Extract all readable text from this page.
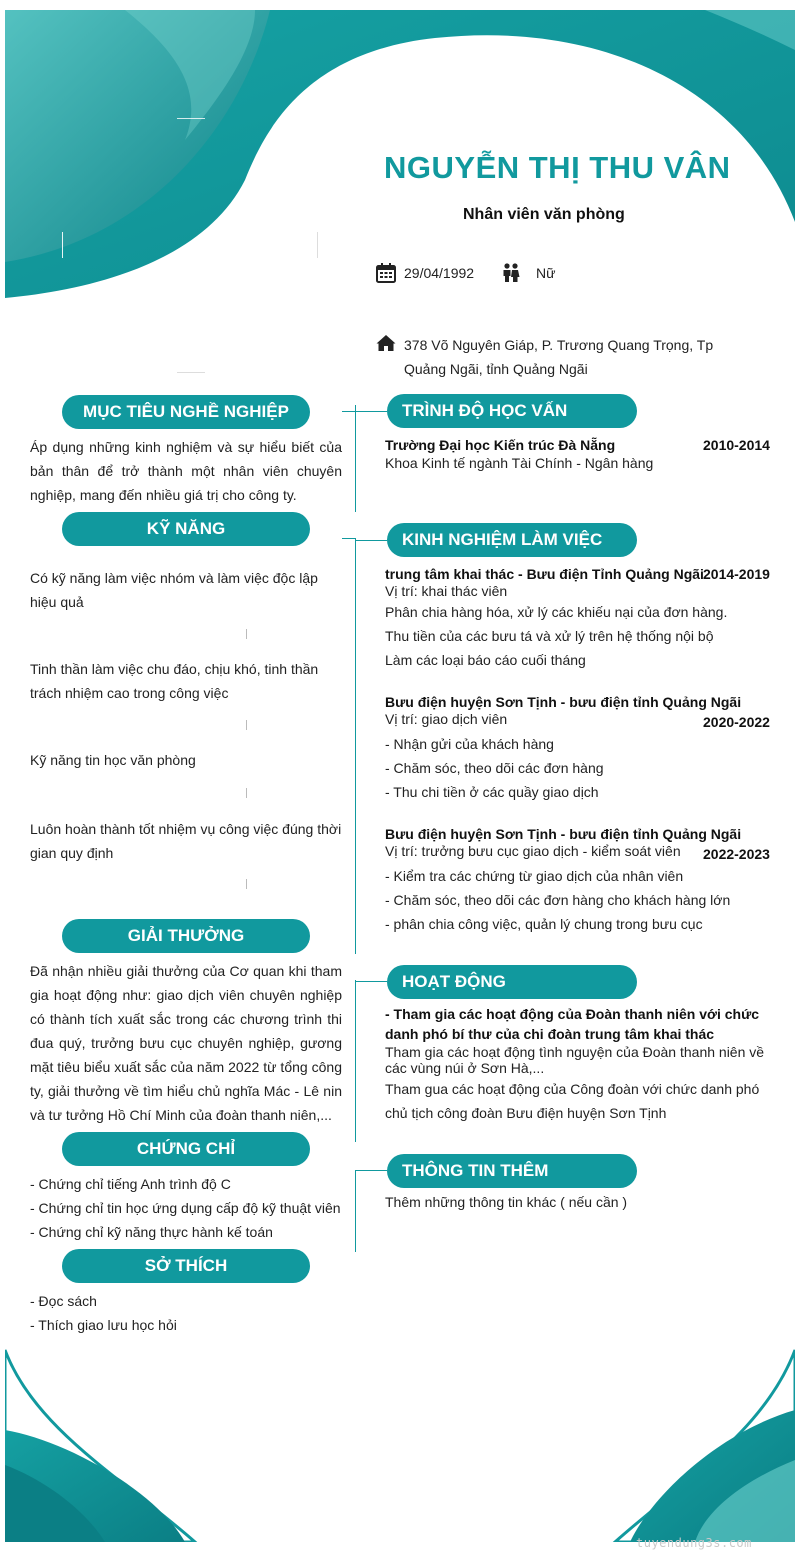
NGUYỄN THỊ THU VÂN
Nhân viên văn phòng
29/04/1992	Nữ
378 Võ Nguyên Giáp, P. Trương Quang Trọng, Tp Quảng Ngãi, tỉnh Quảng Ngãi
MỤC TIÊU NGHỀ NGHIỆP
Áp dụng những kinh nghiệm và sự hiểu biết của bản thân để trở thành một nhân viên chuyên nghiệp, mang đến nhiều giá trị cho công ty.
KỸ NĂNG
Có kỹ năng làm việc nhóm và làm việc độc lập hiệu quả
Tinh thần làm việc chu đáo, chịu khó, tinh thần trách nhiệm cao trong công việc
Kỹ năng tin học văn phòng
Luôn hoàn thành tốt nhiệm vụ công việc đúng thời gian quy định
GIẢI THƯỞNG
Đã nhận nhiều giải thưởng của Cơ quan khi tham gia hoạt động như: giao dịch viên chuyên nghiệp có thành tích xuất sắc trong các chương trình thi đua quý, trưởng bưu cục chuyên nghiệp, gương mặt tiêu biểu xuất sắc của năm 2022 từ tổng công ty, giải thưởng về tìm hiểu chủ nghĩa Mác - Lê nin và tư tưởng Hồ Chí Minh của đoàn thanh niên,...
CHỨNG CHỈ
- Chứng chỉ tiếng Anh trình độ C
- Chứng chỉ tin học ứng dụng cấp độ kỹ thuật viên
- Chứng chỉ kỹ năng thực hành kế toán
SỞ THÍCH
- Đọc sách
- Thích giao lưu học hỏi
TRÌNH ĐỘ HỌC VẤN
Trường Đại học Kiến trúc Đà Nẵng	2010-2014
Khoa Kinh tế ngành Tài Chính - Ngân hàng
KINH NGHIỆM LÀM VIỆC
trung tâm khai thác - Bưu điện Tỉnh Quảng Ngãi 2014-2019
Vị trí: khai thác viên
Phân chia hàng hóa, xử lý các khiếu nại của đơn hàng.
Thu tiền của các bưu tá và xử lý trên hệ thống nội bộ
Làm các loại báo cáo cuối tháng
Bưu điện huyện Sơn Tịnh - bưu điện tỉnh Quảng Ngãi
Vị trí: giao dịch viên	2020-2022
- Nhận gửi của khách hàng
- Chăm sóc, theo dõi các đơn hàng
- Thu chi tiền ở các quầy giao dịch
Bưu điện huyện Sơn Tịnh - bưu điện tỉnh Quảng Ngãi
Vị trí: trưởng bưu cục giao dịch - kiểm soát viên 2022-2023
- Kiểm tra các chứng từ giao dịch của nhân viên
- Chăm sóc, theo dõi các đơn hàng cho khách hàng lớn
- phân chia công việc, quản lý chung trong bưu cục
HOẠT ĐỘNG
- Tham gia các hoạt động của Đoàn thanh niên với chức danh phó bí thư của chi đoàn trung tâm khai thác
Tham gia các hoạt động tình nguyện của Đoàn thanh niên về các vùng núi ở Sơn Hà,...
Tham gua các hoạt động của Công đoàn với chức danh phó chủ tịch công đoàn Bưu điện huyện Sơn Tịnh
THÔNG TIN THÊM
Thêm những thông tin khác ( nếu cần )
tuyendung3s.com
